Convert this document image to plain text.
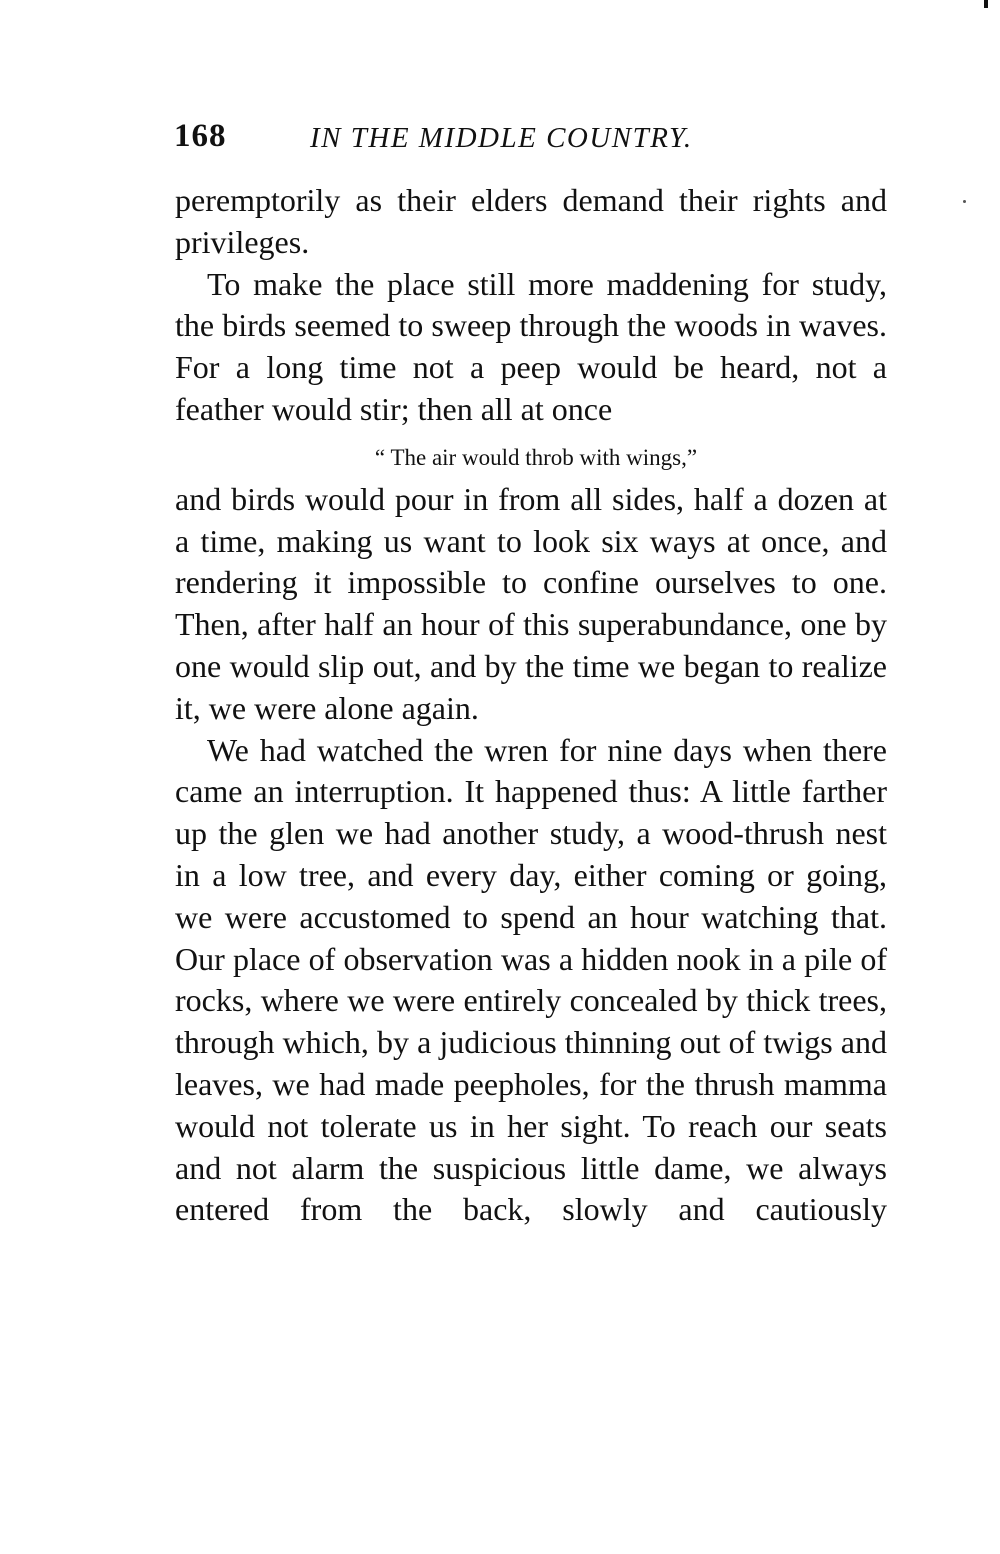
168	IN THE MIDDLE COUNTRY.

peremptorily as their elders demand their rights and privileges.

To make the place still more maddening for study, the birds seemed to sweep through the woods in waves. For a long time not a peep would be heard, not a feather would stir; then all at once

“ The air would throb with wings,”

and birds would pour in from all sides, half a dozen at a time, making us want to look six ways at once, and rendering it impossible to confine ourselves to one. Then, after half an hour of this superabundance, one by one would slip out, and by the time we began to realize it, we were alone again.

We had watched the wren for nine days when there came an interruption. It happened thus: A little farther up the glen we had another study, a wood-thrush nest in a low tree, and every day, either coming or going, we were accustomed to spend an hour watching that. Our place of observation was a hidden nook in a pile of rocks, where we were entirely concealed by thick trees, through which, by a judicious thinning out of twigs and leaves, we had made peepholes, for the thrush mamma would not tolerate us in her sight. To reach our seats and not alarm the suspicious little dame, we always entered from the back, slowly and cautiously
